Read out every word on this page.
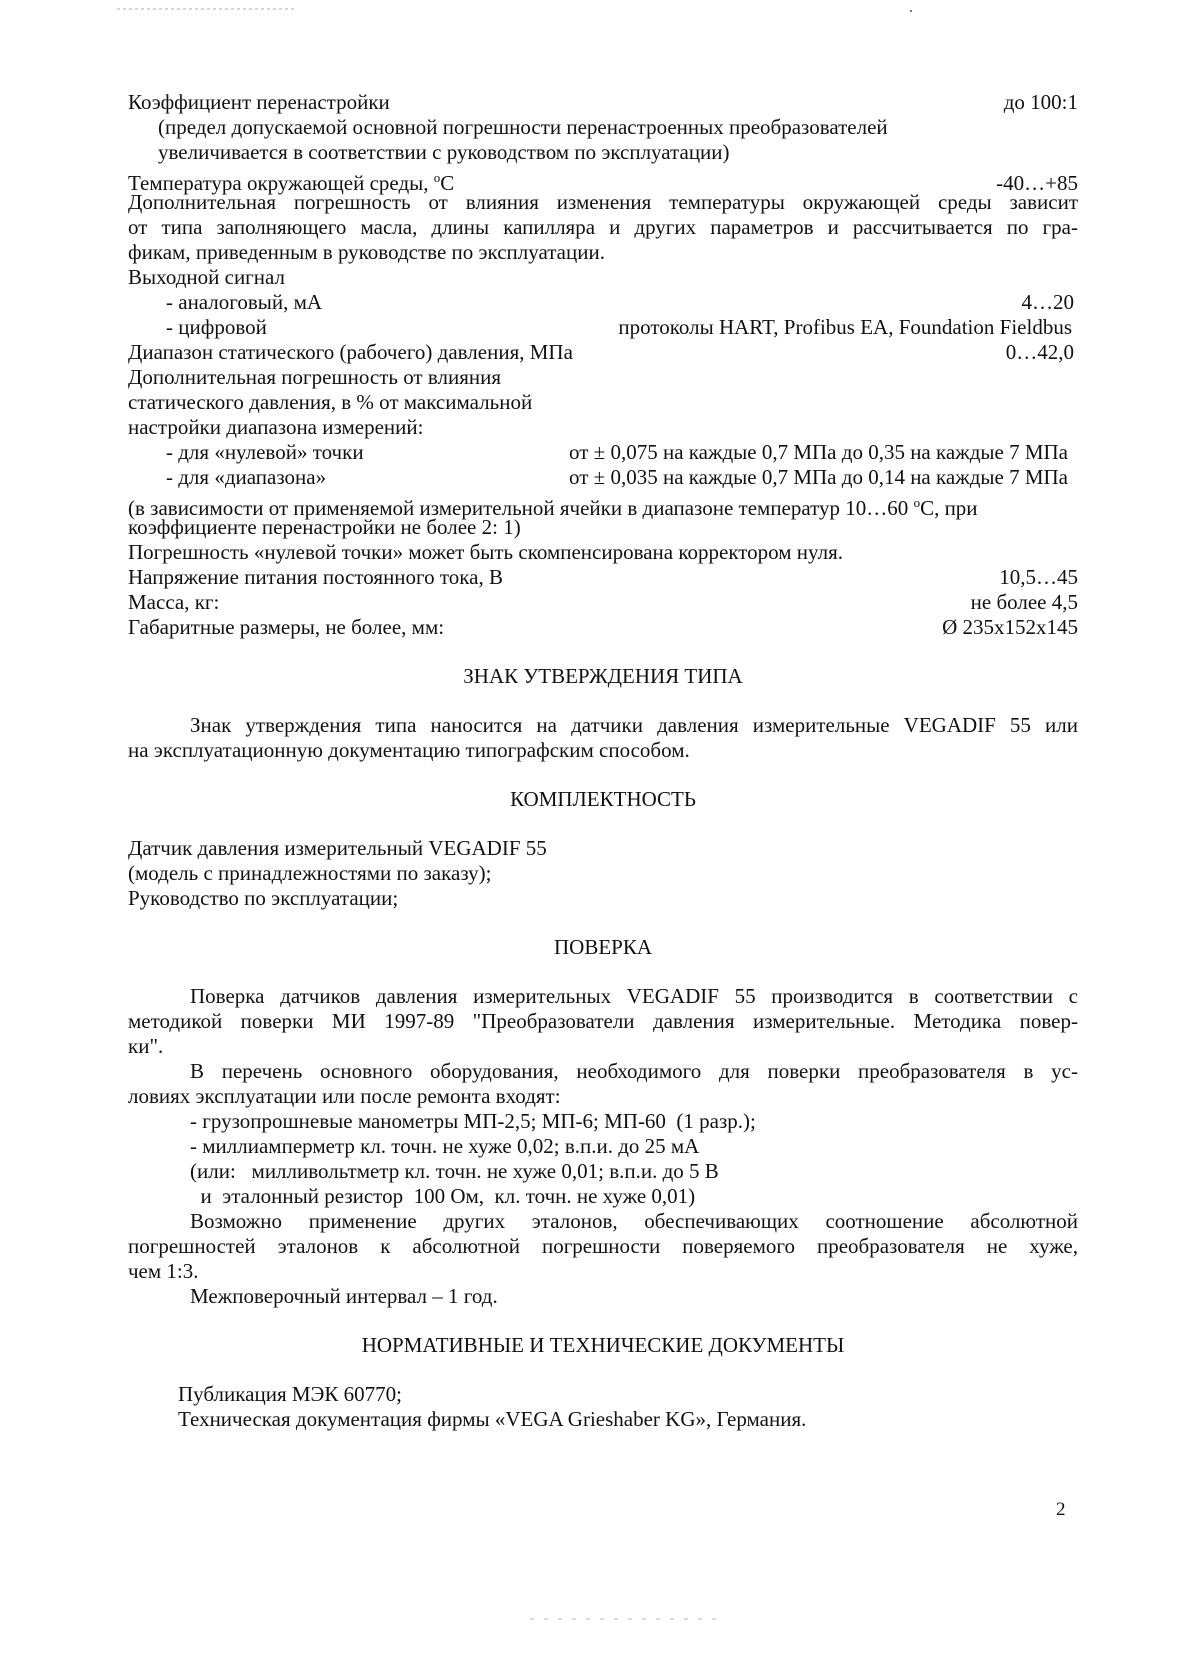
Коэффициент перенастройки	до 100:1
(предел допускаемой основной погрешности перенастроенных преобразователей
увеличивается в соответствии с руководством по эксплуатации)
Температура окружающей среды, $^o$C	-40…+85
Дополнительная погрешность от влияния изменения температуры окружающей среды зависит
от типа заполняющего масла, длины капилляра и других параметров и рассчитывается по гра-
фикам, приведенным в руководстве по эксплуатации.
Выходной сигнал
- аналоговый, мА	4…20
- цифровой	протоколы HART, Profibus EA, Foundation Fieldbus
Диапазон статического (рабочего) давления, МПа	0…42,0
Дополнительная погрешность от влияния
статического давления, в % от максимальной
настройки диапазона измерений:
- для «нулевой» точки	от ± 0,075 на каждые 0,7 МПа до 0,35 на каждые 7 МПа
- для «диапазона»	от ± 0,035 на каждые 0,7 МПа до 0,14 на каждые 7 МПа
(в зависимости от применяемой измерительной ячейки в диапазоне температур 10…60 $^o$C, при
коэффициенте перенастройки не более 2: 1)
Погрешность «нулевой точки» может быть скомпенсирована корректором нуля.
Напряжение питания постоянного тока, В	10,5…45
Масса, кг:	не более 4,5
Габаритные размеры, не более, мм:	Ø 235x152x145
ЗНАК УТВЕРЖДЕНИЯ ТИПА
Знак утверждения типа наносится на датчики давления измерительные VEGADIF 55 или
на эксплуатационную документацию типографским способом.
КОМПЛЕКТНОСТЬ
Датчик давления измерительный VEGADIF 55
(модель с принадлежностями по заказу);
Руководство по эксплуатации;
ПОВЕРКА
Поверка датчиков давления измерительных VEGADIF 55 производится в соответствии с
методикой поверки МИ 1997-89 "Преобразователи давления измерительные. Методика повер-
ки".
В перечень основного оборудования, необходимого для поверки преобразователя в ус-
ловиях эксплуатации или после ремонта входят:
- грузопрошневые манометры МП-2,5; МП-6; МП-60  (1 разр.);
- миллиамперметр кл. точн. не хуже 0,02; в.п.и. до 25 мА
(или:   милливольтметр кл. точн. не хуже 0,01; в.п.и. до 5 В
и  эталонный резистор  100 Ом,  кл. точн. не хуже 0,01)
Возможно применение других эталонов, обеспечивающих соотношение абсолютной
погрешностей эталонов к абсолютной погрешности поверяемого преобразователя не хуже,
чем 1:3.
Межповерочный интервал – 1 год.
НОРМАТИВНЫЕ И ТЕХНИЧЕСКИЕ ДОКУМЕНТЫ
Публикация МЭК 60770;
Техническая документация фирмы «VEGA Grieshaber KG», Германия.
2
